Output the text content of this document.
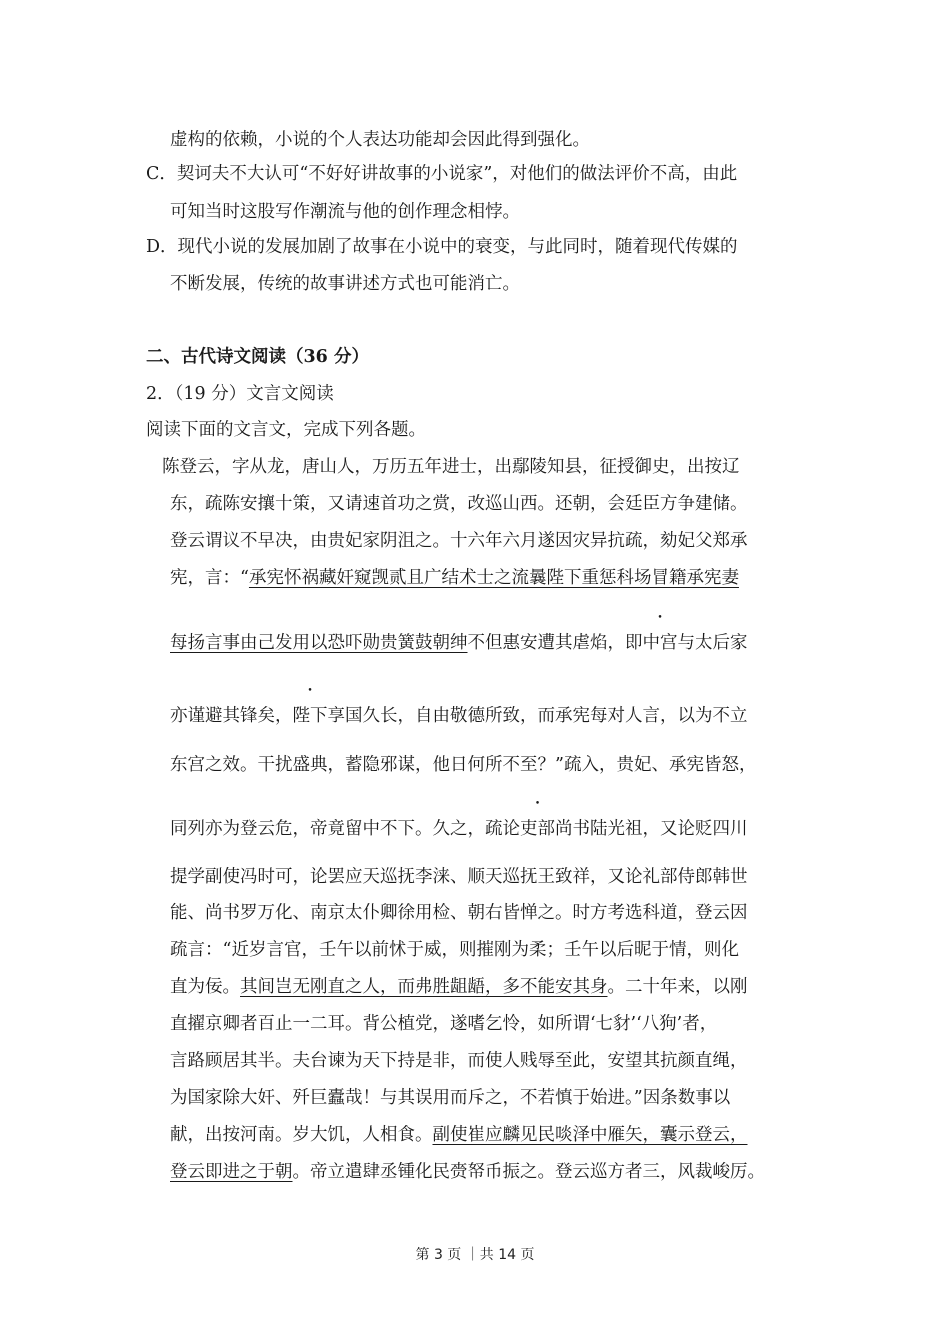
虚构的依赖，小说的个人表达功能却会因此得到强化。
C．契诃夫不大认可“不好好讲故事的小说家”，对他们的做法评价不高，由此
可知当时这股写作潮流与他的创作理念相悖。
D．现代小说的发展加剧了故事在小说中的衰变，与此同时，随着现代传媒的
不断发展，传统的故事讲述方式也可能消亡。
二、古代诗文阅读（36 分）
2．（19 分）文言文阅读
阅读下面的文言文，完成下列各题。
陈登云，字从龙，唐山人，万历五年进士，出鄢陵知县，征授御史，出按辽
东，疏陈安攘十策，又请速首功之赏，改巡山西。还朝，会廷臣方争建储。
登云谓议不早决，由贵妃家阴沮之。十六年六月遂因灾异抗疏，劾妃父郑承
宪，言：“承宪怀祸藏奸窥觊贰且广结术士之流曩陛下重惩科场冒籍承宪妻
每扬言事由己发用以恐吓勋贵簧鼓朝绅不但惠安遭其虐焰，即中宫与太后家
亦谨避其锋矣，陛下享国久长，自由敬德所致，而承宪每对人言，以为不立
东宫之效。干扰盛典，蓄隐邪谋，他日何所不至？”疏入，贵妃、承宪皆怒，
同列亦为登云危，帝竟留中不下。久之，疏论吏部尚书陆光祖，又论贬四川
提学副使冯时可，论罢应天巡抚李涞、顺天巡抚王致祥，又论礼部侍郎韩世
能、尚书罗万化、南京太仆卿徐用检、朝右皆惮之。时方考选科道，登云因
疏言：“近岁言官，壬午以前怵于威，则摧刚为柔；壬午以后昵于情，则化
直为佞。其间岂无刚直之人，而弗胜龃龉，多不能安其身。二十年来，以刚
直擢京卿者百止一二耳。背公植党，遂嗜乞怜，如所谓‘七豺’‘八狗’者，
言路顾居其半。夫台谏为天下持是非，而使人贱辱至此，安望其抗颜直绳，
为国家除大奸、歼巨蠹哉！与其误用而斥之，不若慎于始进。”因条数事以
献，出按河南。岁大饥，人相食。副使崔应麟见民啖泽中雁矢，囊示登云，
登云即进之于朝。帝立遣肆丞锺化民赍帑币振之。登云巡方者三，风裁峻厉。
第 3 页 ｜共 14 页
